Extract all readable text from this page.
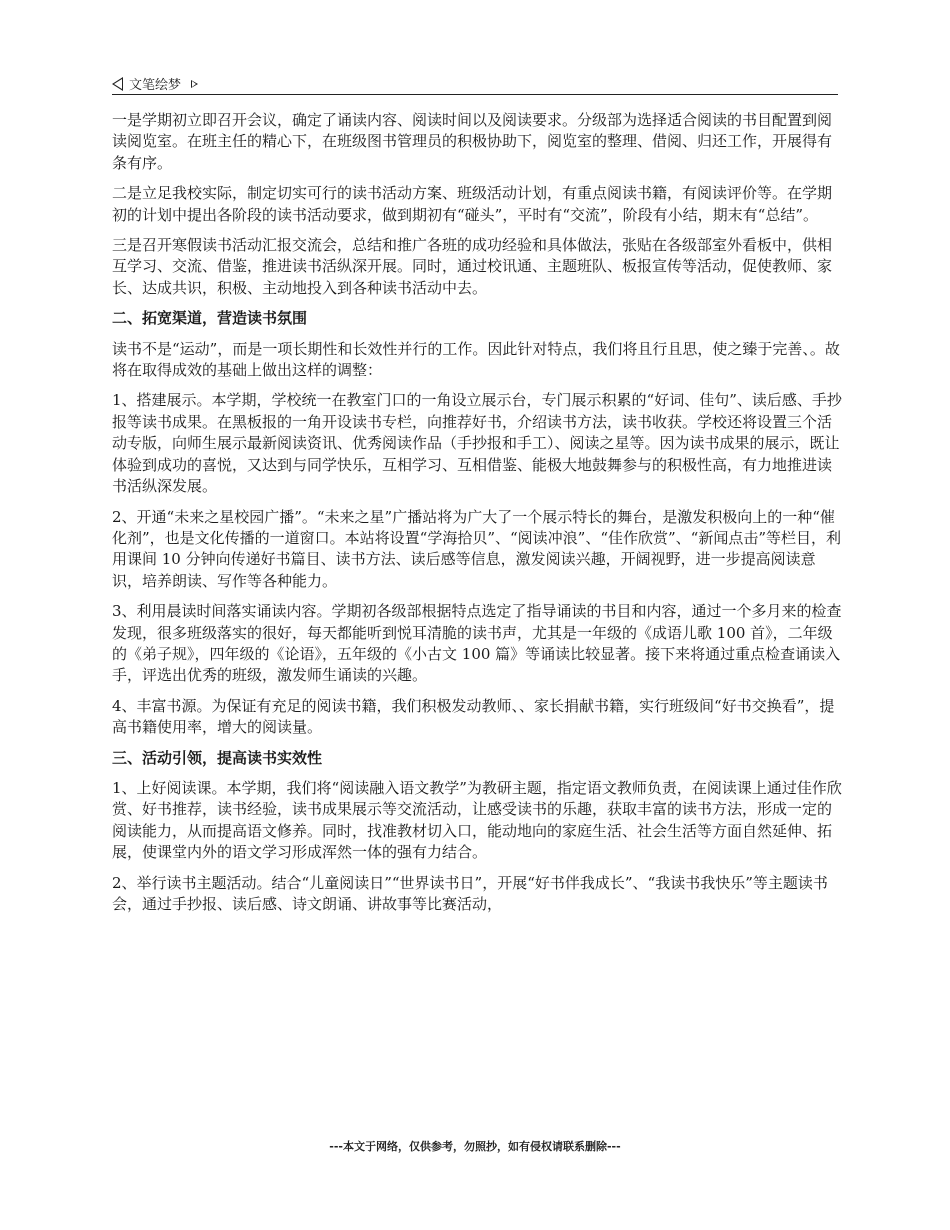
文笔绘梦

一是学期初立即召开会议，确定了诵读内容、阅读时间以及阅读要求。分级部为选择适合阅读的书目配置到阅读阅览室。在班主任的精心下，在班级图书管理员的积极协助下，阅览室的整理、借阅、归还工作，开展得有条有序。

二是立足我校实际，制定切实可行的读书活动方案、班级活动计划，有重点阅读书籍，有阅读评价等。在学期初的计划中提出各阶段的读书活动要求，做到期初有“碰头”，平时有“交流”，阶段有小结，期末有“总结”。

三是召开寒假读书活动汇报交流会，总结和推广各班的成功经验和具体做法，张贴在各级部室外看板中，供相互学习、交流、借鉴，推进读书活纵深开展。同时，通过校讯通、主题班队、板报宣传等活动，促使教师、家长、达成共识，积极、主动地投入到各种读书活动中去。

二、拓宽渠道，营造读书氛围

读书不是“运动”，而是一项长期性和长效性并行的工作。因此针对特点，我们将且行且思，使之臻于完善、。故将在取得成效的基础上做出这样的调整：

1、搭建展示。本学期，学校统一在教室门口的一角设立展示台，专门展示积累的“好词、佳句”、读后感、手抄报等读书成果。在黑板报的一角开设读书专栏，向推荐好书，介绍读书方法，读书收获。学校还将设置三个活动专版，向师生展示最新阅读资讯、优秀阅读作品（手抄报和手工）、阅读之星等。因为读书成果的展示，既让体验到成功的喜悦，又达到与同学快乐，互相学习、互相借鉴、能极大地鼓舞参与的积极性高，有力地推进读书活纵深发展。

2、开通“未来之星校园广播”。“未来之星”广播站将为广大了一个展示特长的舞台，是激发积极向上的一种“催化剂”，也是文化传播的一道窗口。本站将设置“学海拾贝”、“阅读冲浪”、“佳作欣赏”、“新闻点击”等栏目，利用课间 10 分钟向传递好书篇目、读书方法、读后感等信息，激发阅读兴趣，开阔视野，进一步提高阅读意识，培养朗读、写作等各种能力。

3、利用晨读时间落实诵读内容。学期初各级部根据特点选定了指导诵读的书目和内容，通过一个多月来的检查发现，很多班级落实的很好，每天都能听到悦耳清脆的读书声，尤其是一年级的《成语儿歌 100 首》，二年级的《弟子规》，四年级的《论语》，五年级的《小古文 100 篇》等诵读比较显著。接下来将通过重点检查诵读入手，评选出优秀的班级，激发师生诵读的兴趣。

4、丰富书源。为保证有充足的阅读书籍，我们积极发动教师、、家长捐献书籍，实行班级间“好书交换看”，提高书籍使用率，增大的阅读量。

三、活动引领，提高读书实效性

1、上好阅读课。本学期，我们将“阅读融入语文教学”为教研主题，指定语文教师负责，在阅读课上通过佳作欣赏、好书推荐，读书经验，读书成果展示等交流活动，让感受读书的乐趣，获取丰富的读书方法，形成一定的阅读能力，从而提高语文修养。同时，找准教材切入口，能动地向的家庭生活、社会生活等方面自然延伸、拓展，使课堂内外的语文学习形成浑然一体的强有力结合。

2、举行读书主题活动。结合“儿童阅读日”“世界读书日”，开展“好书伴我成长”、“我读书我快乐”等主题读书会，通过手抄报、读后感、诗文朗诵、讲故事等比赛活动，

---本文于网络，仅供参考，勿照抄，如有侵权请联系删除---
